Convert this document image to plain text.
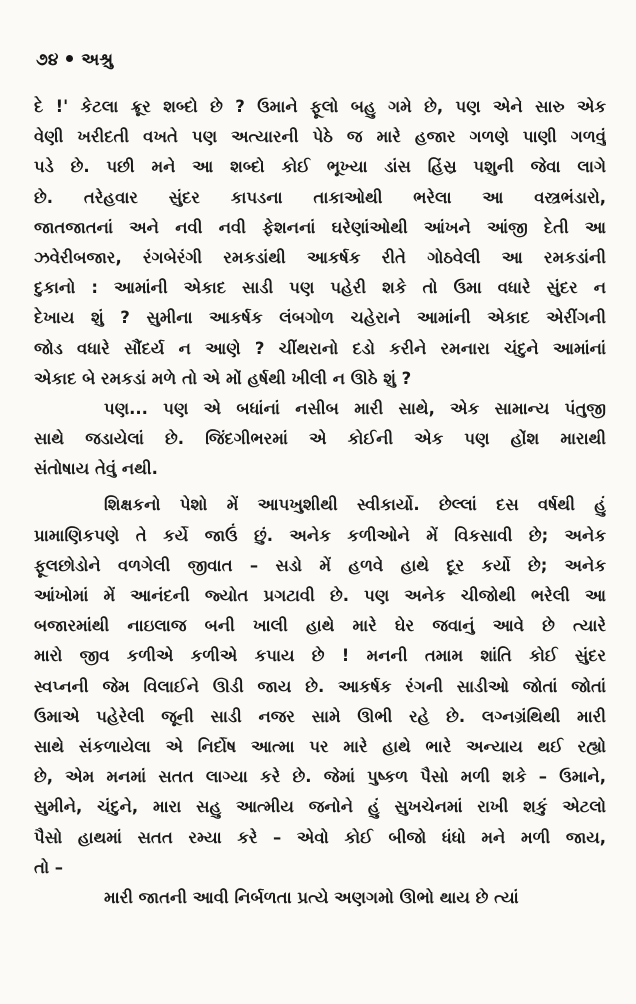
૭૪ અશ્રુ
દે !' કેટલા ક્રૂર શબ્દો છે ? ઉમાને ફૂલો બહુ ગમે છે, પણ એને સારુ એક
વેણી ખરીદતી વખતે પણ અત્યારની પેઠે જ મારે હજાર ગળણે પાણી ગળવું
પડે છે. પછી મને આ શબ્દો કોઈ ભૂખ્યા ડાંસ હિંસ્ર પશુની જેવા લાગે
છે. તરેહવાર સુંદર કાપડના તાકાઓથી ભરેલા આ વસ્ત્રભંડારો,
જાતજાતનાં અને નવી નવી ફેશનનાં ઘરેણાંઓથી આંખને આંજી દેતી આ
ઝવેરીબજાર, રંગબેરંગી રમકડાંથી આકર્ષક રીતે ગોઠવેલી આ રમકડાંની
દુકાનો : આમાંની એકાદ સાડી પણ પહેરી શકે તો ઉમા વધારે સુંદર ન
દેખાય શું ? સુમીના આકર્ષક લંબગોળ ચહેરાને આમાંની એકાદ એરીંગની
જોડ વધારે સૌંદર્ય ન આણે ? ચીંથરાનો દડો કરીને રમનારા ચંદુને આમાંનાં
એકાદ બે રમકડાં મળે તો એ મોં હર્ષથી ખીલી ન ઊઠે શું ?
પણ... પણ એ બધાંનાં નસીબ મારી સાથે, એક સામાન્ય પંતુજી
સાથે જડાયેલાં છે. જિંદગીભરમાં એ કોઈની એક પણ હોંશ મારાથી
સંતોષાય તેવું નથી.
શિક્ષકનો પેશો મેં આપખુશીથી સ્વીકાર્યો. છેલ્લાં દસ વર્ષથી હું
પ્રામાણિકપણે તે કર્યે જાઉં છું. અનેક કળીઓને મેં વિકસાવી છે; અનેક
ફૂલછોડોને વળગેલી જીવાત – સડો મેં હળવે હાથે દૂર કર્યો છે; અનેક
આંખોમાં મેં આનંદની જ્યોત પ્રગટાવી છે. પણ અનેક ચીજોથી ભરેલી આ
બજારમાંથી નાઇલાજ બની ખાલી હાથે મારે ઘેર જવાનું આવે છે ત્યારે
મારો જીવ કળીએ કળીએ કપાય છે ! મનની તમામ શાંતિ કોઈ સુંદર
સ્વપ્નની જેમ વિલાઈને ઊડી જાય છે. આકર્ષક રંગની સાડીઓ જોતાં જોતાં
ઉમાએ પહેરેલી જૂની સાડી નજર સામે ઊભી રહે છે. લગ્નગ્રંથિથી મારી
સાથે સંકળાયેલા એ નિર્દોષ આત્મા પર મારે હાથે ભારે અન્યાય થઈ રહ્યો
છે, એમ મનમાં સતત લાગ્યા કરે છે. જેમાં પુષ્કળ પૈસો મળી શકે – ઉમાને,
સુમીને, ચંદુને, મારા સહુ આત્મીય જનોને હું સુખચેનમાં રાખી શકું એટલો
પૈસો હાથમાં સતત રમ્યા કરે – એવો કોઈ બીજો ધંધો મને મળી જાય,
તો –
મારી જાતની આવી નિર્બળતા પ્રત્યે અણગમો ઊભો થાય છે ત્યાં
